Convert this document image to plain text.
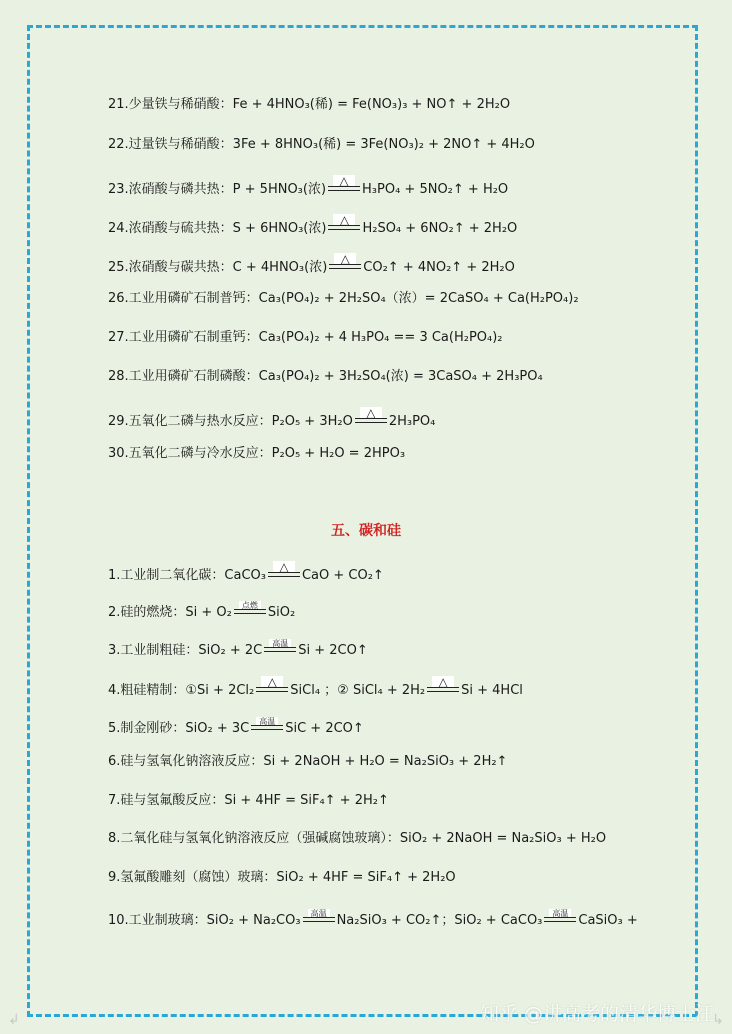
21.少量铁与稀硝酸：Fe + 4HNO₃(稀) = Fe(NO₃)₃ + NO↑ + 2H₂O
22.过量铁与稀硝酸：3Fe + 8HNO₃(稀) = 3Fe(NO₃)₂ + 2NO↑ + 4H₂O
23.浓硝酸与磷共热：P + 5HNO₃(浓)
△
H₃PO₄ + 5NO₂↑ + H₂O
24.浓硝酸与硫共热：S + 6HNO₃(浓)
△
H₂SO₄ + 6NO₂↑ + 2H₂O
25.浓硝酸与碳共热：C + 4HNO₃(浓)
△
CO₂↑ + 4NO₂↑ + 2H₂O
26.工业用磷矿石制普钙：Ca₃(PO₄)₂ + 2H₂SO₄（浓）= 2CaSO₄ + Ca(H₂PO₄)₂
27.工业用磷矿石制重钙：Ca₃(PO₄)₂ + 4 H₃PO₄ == 3 Ca(H₂PO₄)₂
28.工业用磷矿石制磷酸：Ca₃(PO₄)₂ + 3H₂SO₄(浓) = 3CaSO₄ + 2H₃PO₄
29.五氧化二磷与热水反应：P₂O₅ + 3H₂O
△
2H₃PO₄
30.五氧化二磷与冷水反应：P₂O₅ + H₂O = 2HPO₃
1.工业制二氧化碳：CaCO₃
△
CaO + CO₂↑
2.硅的燃烧：Si + O₂	点燃 SiO₂
3.工业制粗硅：SiO₂ + 2C	高温 Si + 2CO↑
4.粗硅精制：①Si + 2Cl₂
△
SiCl₄ ；② SiCl₄ + 2H₂
△
Si + 4HCl
5.制金刚砂：SiO₂ + 3C	高温 SiC + 2CO↑
6.硅与氢氧化钠溶液反应：Si + 2NaOH + H₂O = Na₂SiO₃ + 2H₂↑
7.硅与氢氟酸反应：Si + 4HF = SiF₄↑ + 2H₂↑
8.二氧化硅与氢氧化钠溶液反应（强碱腐蚀玻璃）：SiO₂ + 2NaOH = Na₂SiO₃ + H₂O
9.氢氟酸雕刻（腐蚀）玻璃：SiO₂ + 4HF = SiF₄↑ + 2H₂O
10.工业制玻璃：SiO₂ + Na₂CO₃	高温 Na₂SiO₃ + CO₂↑；SiO₂ + CaCO₃	高温 CaSiO₃ +
五、碳和硅
知乎 @讲高考的清华博士汪
↲	↳
